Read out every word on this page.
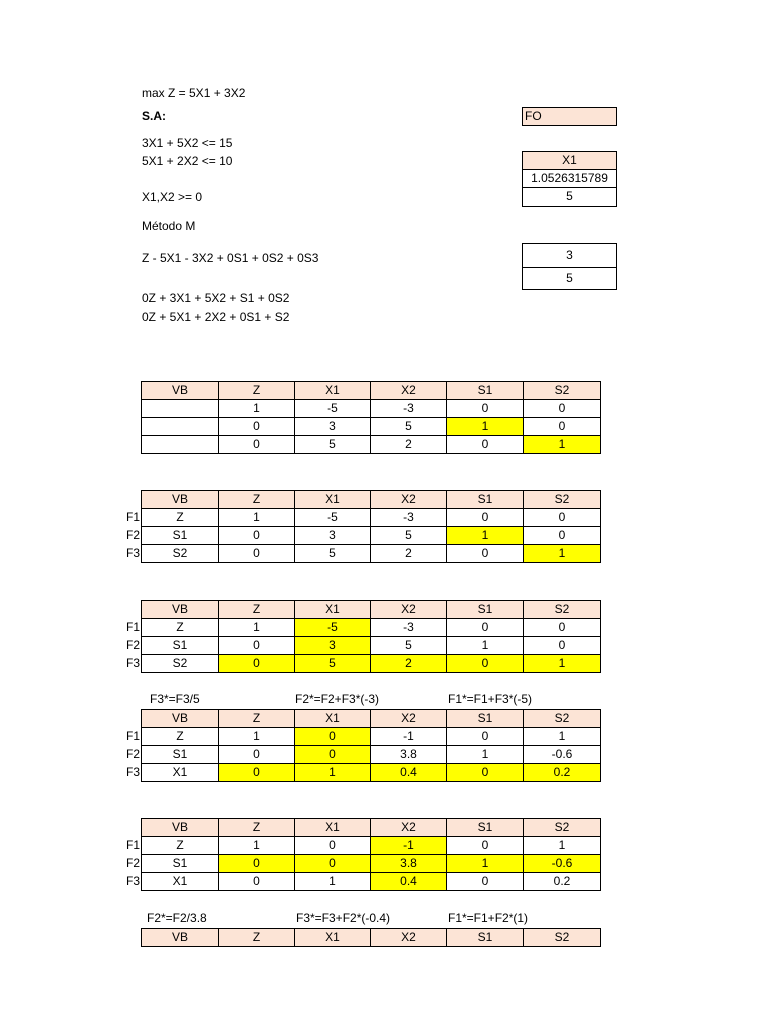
max Z = 5X1 + 3X2
S.A:
3X1 + 5X2 <= 15
5X1 + 2X2 <= 10
X1,X2 >= 0
Método M
Z - 5X1 - 3X2 + 0S1 + 0S2 + 0S3
0Z + 3X1 + 5X2 + S1 + 0S2
0Z + 5X1 + 2X2 + 0S1 + S2
FO
X1
1.0526315789
5
3
5
F3*=F3/5	F2*=F2+F3*(-3)	F1*=F1+F3*(-5)
F2*=F2/3.8	F3*=F3+F2*(-0.4)	F1*=F1+F2*(1)
VB	Z	X1	X2	S1	S2
	1	-5	-3	0	0
	0	3	5	1	0
	0	5	2	0	1
F1
F2
F3
VB	Z	X1	X2	S1	S2
Z	1	-5	-3	0	0
S1	0	3	5	1	0
S2	0	5	2	0	1
F1
F2
F3
VB	Z	X1	X2	S1	S2
Z	1	-5	-3	0	0
S1	0	3	5	1	0
S2	0	5	2	0	1
F1
F2
F3
VB	Z	X1	X2	S1	S2
Z	1	0	-1	0	1
S1	0	0	3.8	1	-0.6
X1	0	1	0.4	0	0.2
F1
F2
F3
VB	Z	X1	X2	S1	S2
Z	1	0	-1	0	1
S1	0	0	3.8	1	-0.6
X1	0	1	0.4	0	0.2
VB	Z	X1	X2	S1	S2
